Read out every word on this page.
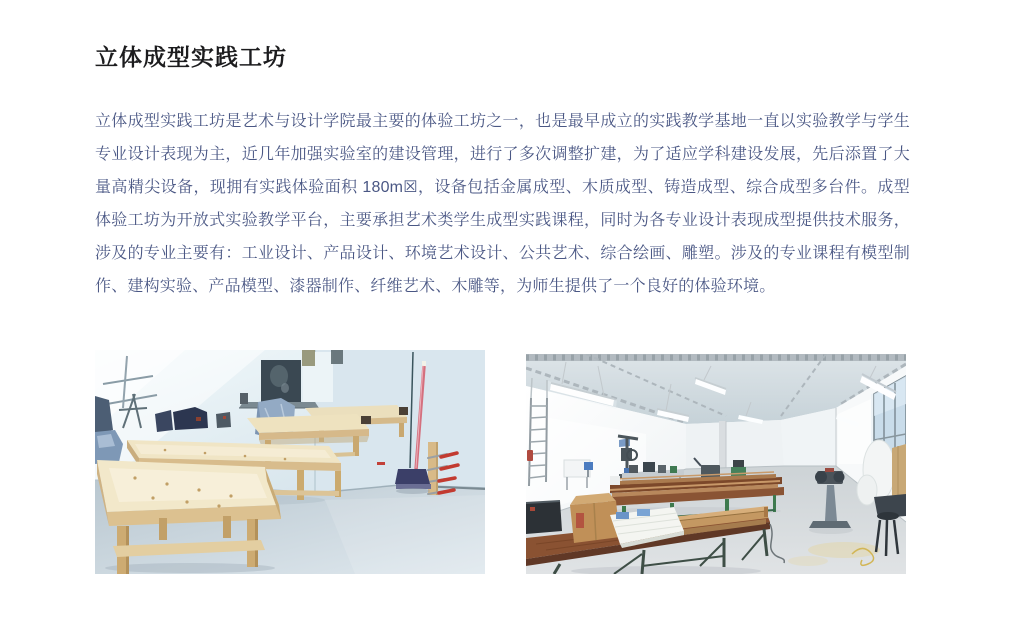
立体成型实践工坊

立体成型实践工坊是艺术与设计学院最主要的体验工坊之一，也是最早成立的实践教学基地一直以实验教学与学生专业设计表现为主，近几年加强实验室的建设管理，进行了多次调整扩建，为了适应学科建设发展，先后添置了大量高精尖设备，现拥有实践体验面积 180m☒，设备包括金属成型、木质成型、铸造成型、综合成型多台件。成型体验工坊为开放式实验教学平台，主要承担艺术类学生成型实践课程，同时为各专业设计表现成型提供技术服务，涉及的专业主要有：工业设计、产品设计、环境艺术设计、公共艺术、综合绘画、雕塑。涉及的专业课程有模型制作、建构实验、产品模型、漆器制作、纤维艺术、木雕等，为师生提供了一个良好的体验环境。
